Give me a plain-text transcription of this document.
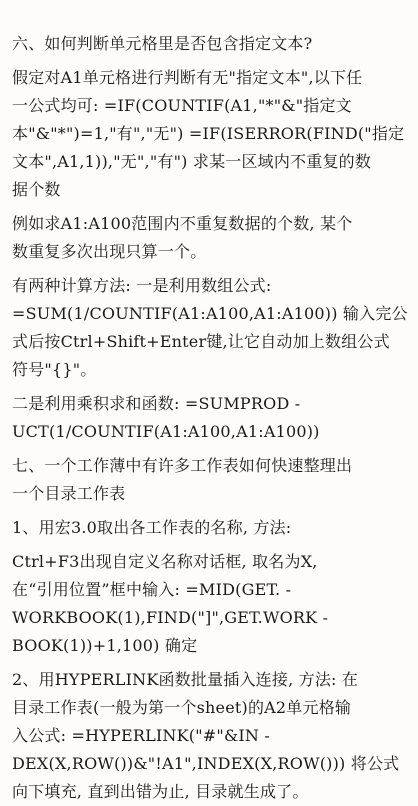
六、如何判断单元格里是否包含指定文本?

假定对A1单元格进行判断有无"指定文本",以下任
一公式均可: =IF(COUNTIF(A1,"*"&"指定文
本"&"*")=1,"有","无") =IF(ISERROR(FIND("指定
文本",A1,1)),"无","有") 求某一区域内不重复的数
据个数

例如求A1:A100范围内不重复数据的个数, 某个
数重复多次出现只算一个。

有两种计算方法: 一是利用数组公式:
=SUM(1/COUNTIF(A1:A100,A1:A100)) 输入完公
式后按Ctrl+Shift+Enter键,让它自动加上数组公式
符号"{}"。

二是利用乘积求和函数: =SUMPROD -
UCT(1/COUNTIF(A1:A100,A1:A100))

七、一个工作薄中有许多工作表如何快速整理出
一个目录工作表

1、用宏3.0取出各工作表的名称, 方法:

Ctrl+F3出现自定义名称对话框, 取名为X,
在“引用位置”框中输入: =MID(GET. -
WORKBOOK(1),FIND("]",GET.WORK -
BOOK(1))+1,100) 确定

2、用HYPERLINK函数批量插入连接, 方法: 在
目录工作表(一般为第一个sheet)的A2单元格输
入公式: =HYPERLINK("#"&IN -
DEX(X,ROW())&"!A1",INDEX(X,ROW())) 将公式
向下填充, 直到出错为止, 目录就生成了。
